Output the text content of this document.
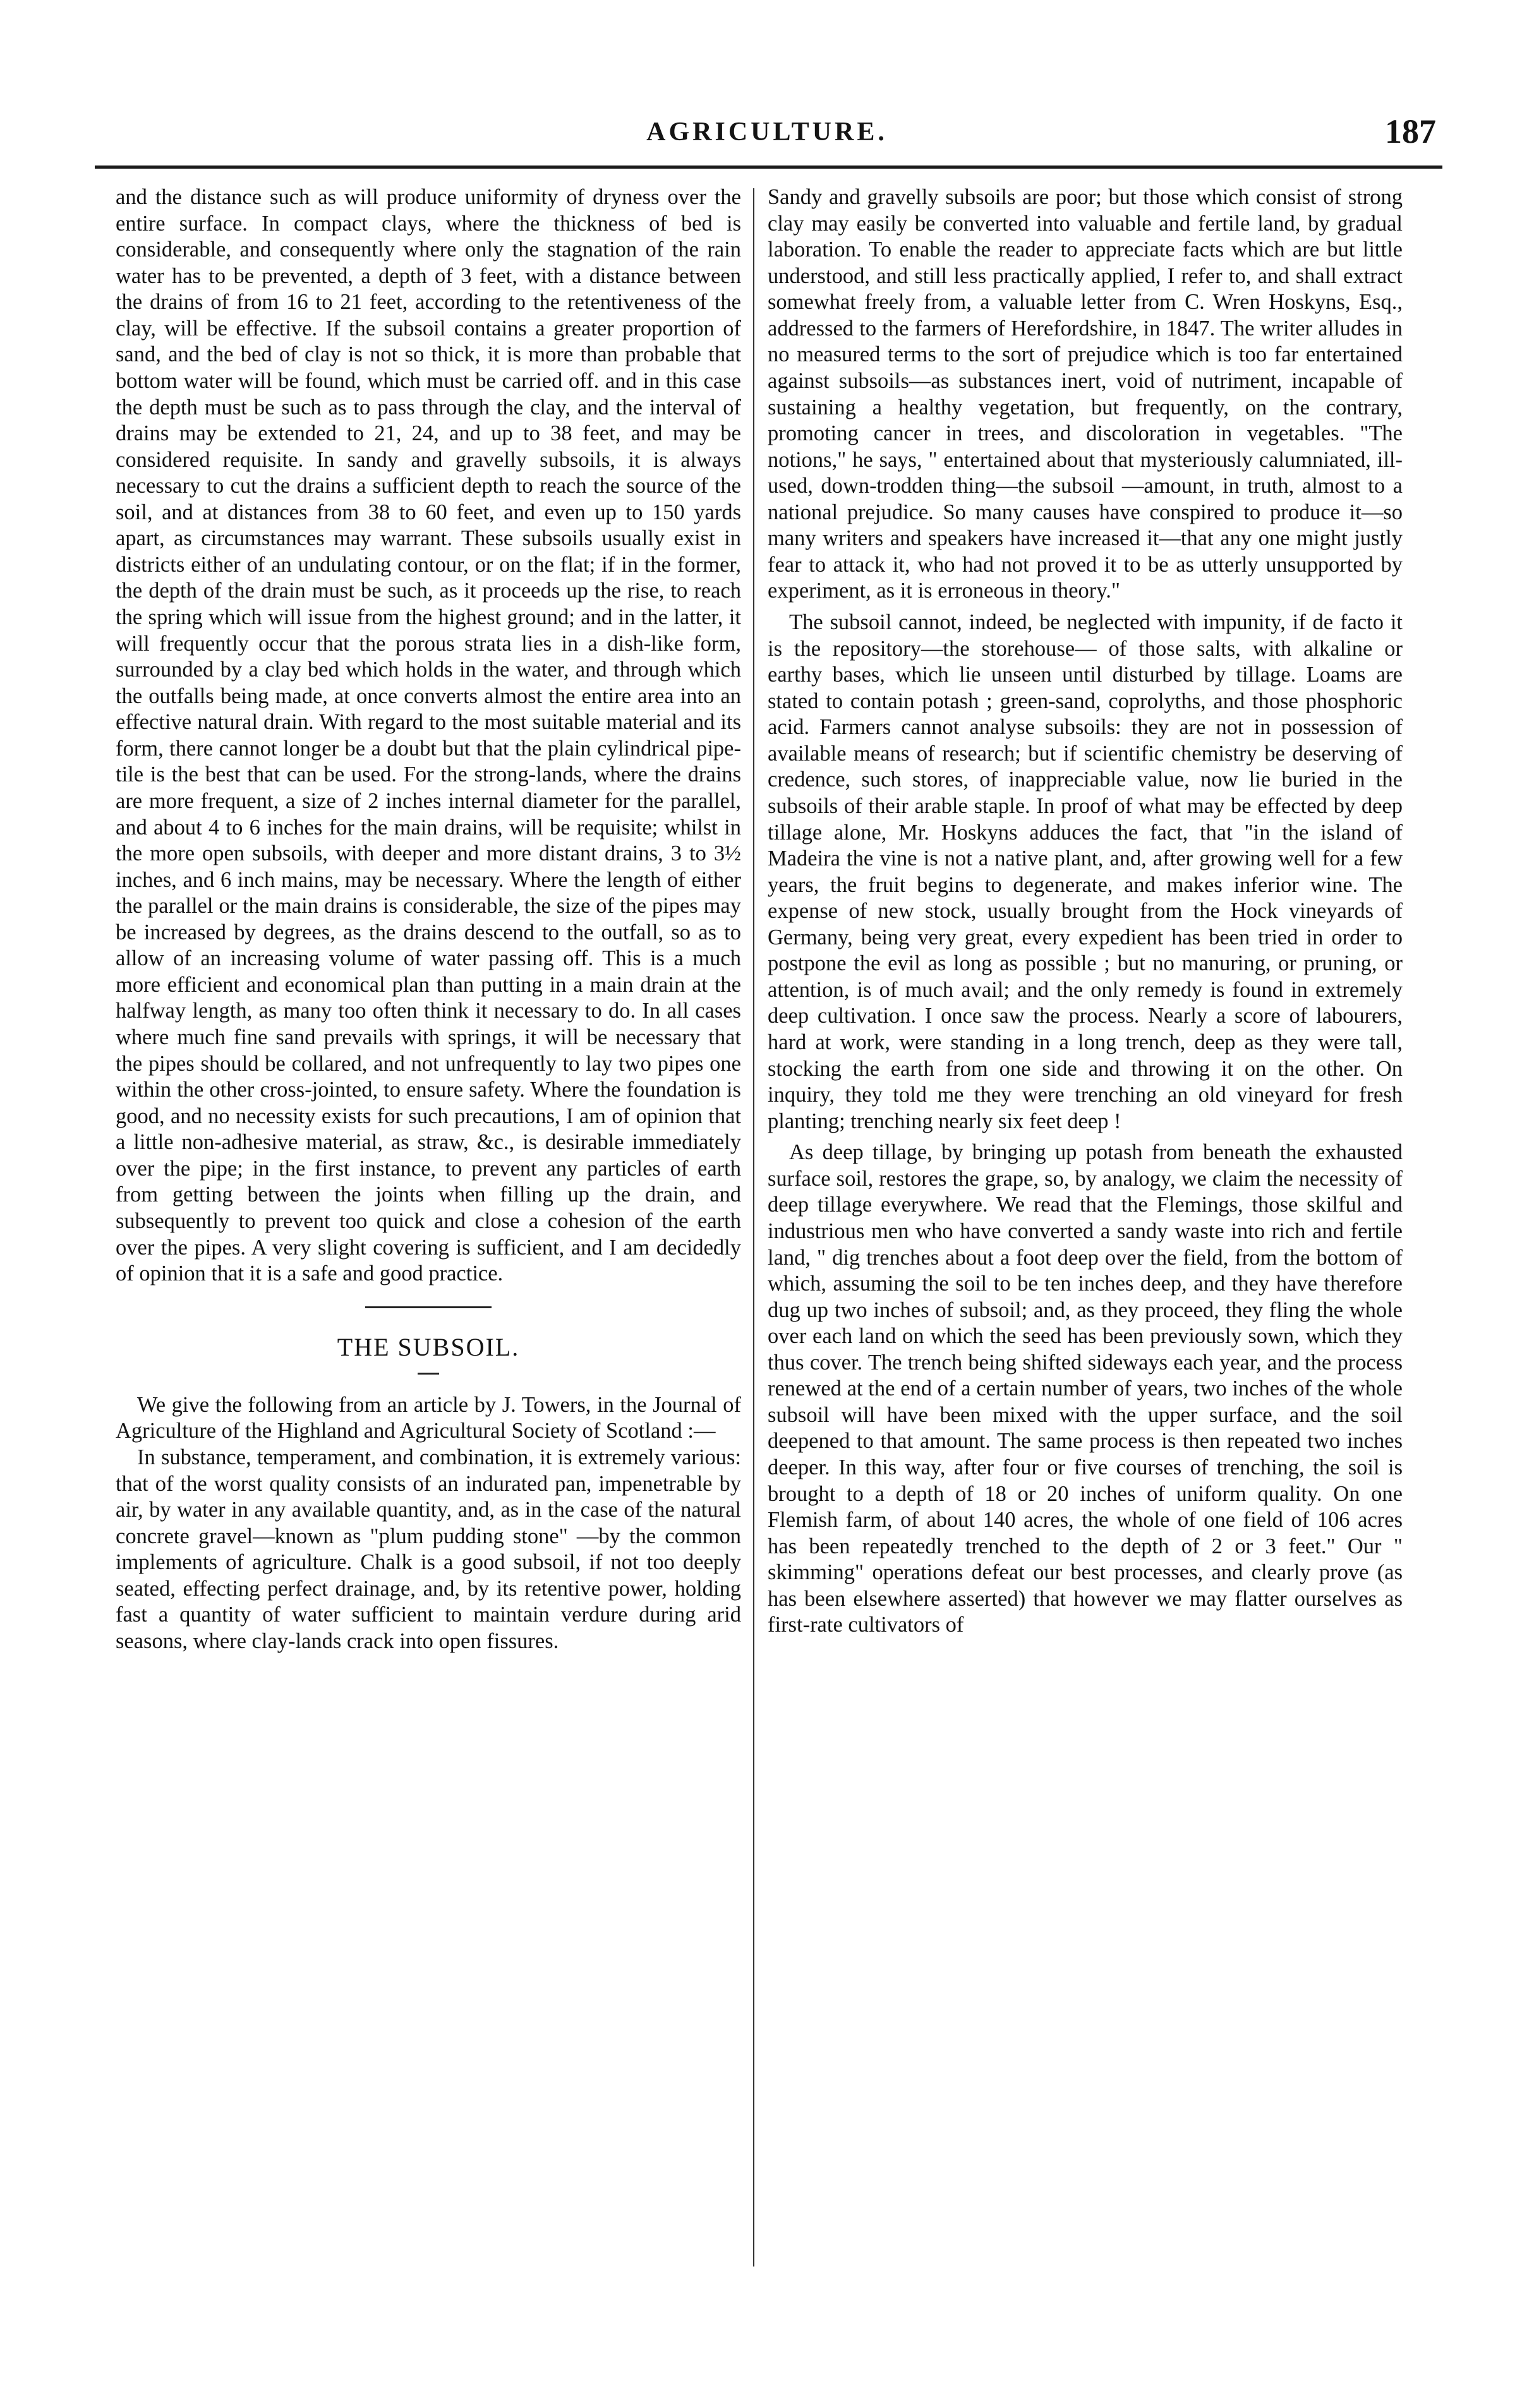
AGRICULTURE.	187

and the distance such as will produce uniformity of dryness over the entire surface. In compact clays, where the thickness of bed is considerable, and consequently where only the stagnation of the rain water has to be prevented, a depth of 3 feet, with a distance between the drains of from 16 to 21 feet, according to the retentiveness of the clay, will be effective. If the subsoil contains a greater proportion of sand, and the bed of clay is not so thick, it is more than probable that bottom water will be found, which must be carried off. and in this case the depth must be such as to pass through the clay, and the interval of drains may be extended to 21, 24, and up to 38 feet, and may be considered requisite. In sandy and gravelly subsoils, it is always necessary to cut the drains a sufficient depth to reach the source of the soil, and at distances from 38 to 60 feet, and even up to 150 yards apart, as circumstances may warrant. These subsoils usually exist in districts either of an undulating contour, or on the flat; if in the former, the depth of the drain must be such, as it proceeds up the rise, to reach the spring which will issue from the highest ground; and in the latter, it will frequently occur that the porous strata lies in a dish-like form, surrounded by a clay bed which holds in the water, and through which the outfalls being made, at once converts almost the entire area into an effective natural drain. With regard to the most suitable material and its form, there cannot longer be a doubt but that the plain cylindrical pipe-tile is the best that can be used. For the strong-lands, where the drains are more frequent, a size of 2 inches internal diameter for the parallel, and about 4 to 6 inches for the main drains, will be requisite; whilst in the more open subsoils, with deeper and more distant drains, 3 to 3½ inches, and 6 inch mains, may be necessary. Where the length of either the parallel or the main drains is considerable, the size of the pipes may be increased by degrees, as the drains descend to the outfall, so as to allow of an increasing volume of water passing off. This is a much more efficient and economical plan than putting in a main drain at the halfway length, as many too often think it necessary to do. In all cases where much fine sand prevails with springs, it will be necessary that the pipes should be collared, and not unfrequently to lay two pipes one within the other cross-jointed, to ensure safety. Where the foundation is good, and no necessity exists for such precautions, I am of opinion that a little non-adhesive material, as straw, &c., is desirable immediately over the pipe; in the first instance, to prevent any particles of earth from getting between the joints when filling up the drain, and subsequently to prevent too quick and close a cohesion of the earth over the pipes. A very slight covering is sufficient, and I am decidedly of opinion that it is a safe and good practice.

THE SUBSOIL.

We give the following from an article by J. Towers, in the Journal of Agriculture of the Highland and Agricultural Society of Scotland :—

In substance, temperament, and combination, it is extremely various: that of the worst quality consists of an indurated pan, impenetrable by air, by water in any available quantity, and, as in the case of the natural concrete gravel—known as "plum pudding stone" —by the common implements of agriculture. Chalk is a good subsoil, if not too deeply seated, effecting perfect drainage, and, by its retentive power, holding fast a quantity of water sufficient to maintain verdure during arid seasons, where clay-lands crack into open fissures.

Sandy and gravelly subsoils are poor; but those which consist of strong clay may easily be converted into valuable and fertile land, by gradual laboration. To enable the reader to appreciate facts which are but little understood, and still less practically applied, I refer to, and shall extract somewhat freely from, a valuable letter from C. Wren Hoskyns, Esq., addressed to the farmers of Herefordshire, in 1847. The writer alludes in no measured terms to the sort of prejudice which is too far entertained against subsoils—as substances inert, void of nutriment, incapable of sustaining a healthy vegetation, but frequently, on the contrary, promoting cancer in trees, and discoloration in vegetables. "The notions," he says, " entertained about that mysteriously calumniated, ill-used, down-trodden thing—the subsoil —amount, in truth, almost to a national prejudice. So many causes have conspired to produce it—so many writers and speakers have increased it—that any one might justly fear to attack it, who had not proved it to be as utterly unsupported by experiment, as it is erroneous in theory."

The subsoil cannot, indeed, be neglected with impunity, if de facto it is the repository—the storehouse— of those salts, with alkaline or earthy bases, which lie unseen until disturbed by tillage. Loams are stated to contain potash ; green-sand, coprolyths, and those phosphoric acid. Farmers cannot analyse subsoils: they are not in possession of available means of research; but if scientific chemistry be deserving of credence, such stores, of inappreciable value, now lie buried in the subsoils of their arable staple. In proof of what may be effected by deep tillage alone, Mr. Hoskyns adduces the fact, that "in the island of Madeira the vine is not a native plant, and, after growing well for a few years, the fruit begins to degenerate, and makes inferior wine. The expense of new stock, usually brought from the Hock vineyards of Germany, being very great, every expedient has been tried in order to postpone the evil as long as possible ; but no manuring, or pruning, or attention, is of much avail; and the only remedy is found in extremely deep cultivation. I once saw the process. Nearly a score of labourers, hard at work, were standing in a long trench, deep as they were tall, stocking the earth from one side and throwing it on the other. On inquiry, they told me they were trenching an old vineyard for fresh planting; trenching nearly six feet deep !

As deep tillage, by bringing up potash from beneath the exhausted surface soil, restores the grape, so, by analogy, we claim the necessity of deep tillage everywhere. We read that the Flemings, those skilful and industrious men who have converted a sandy waste into rich and fertile land, " dig trenches about a foot deep over the field, from the bottom of which, assuming the soil to be ten inches deep, and they have therefore dug up two inches of subsoil; and, as they proceed, they fling the whole over each land on which the seed has been previously sown, which they thus cover. The trench being shifted sideways each year, and the process renewed at the end of a certain number of years, two inches of the whole subsoil will have been mixed with the upper surface, and the soil deepened to that amount. The same process is then repeated two inches deeper. In this way, after four or five courses of trenching, the soil is brought to a depth of 18 or 20 inches of uniform quality. On one Flemish farm, of about 140 acres, the whole of one field of 106 acres has been repeatedly trenched to the depth of 2 or 3 feet." Our " skimming" operations defeat our best processes, and clearly prove (as has been elsewhere asserted) that however we may flatter ourselves as first-rate cultivators of
